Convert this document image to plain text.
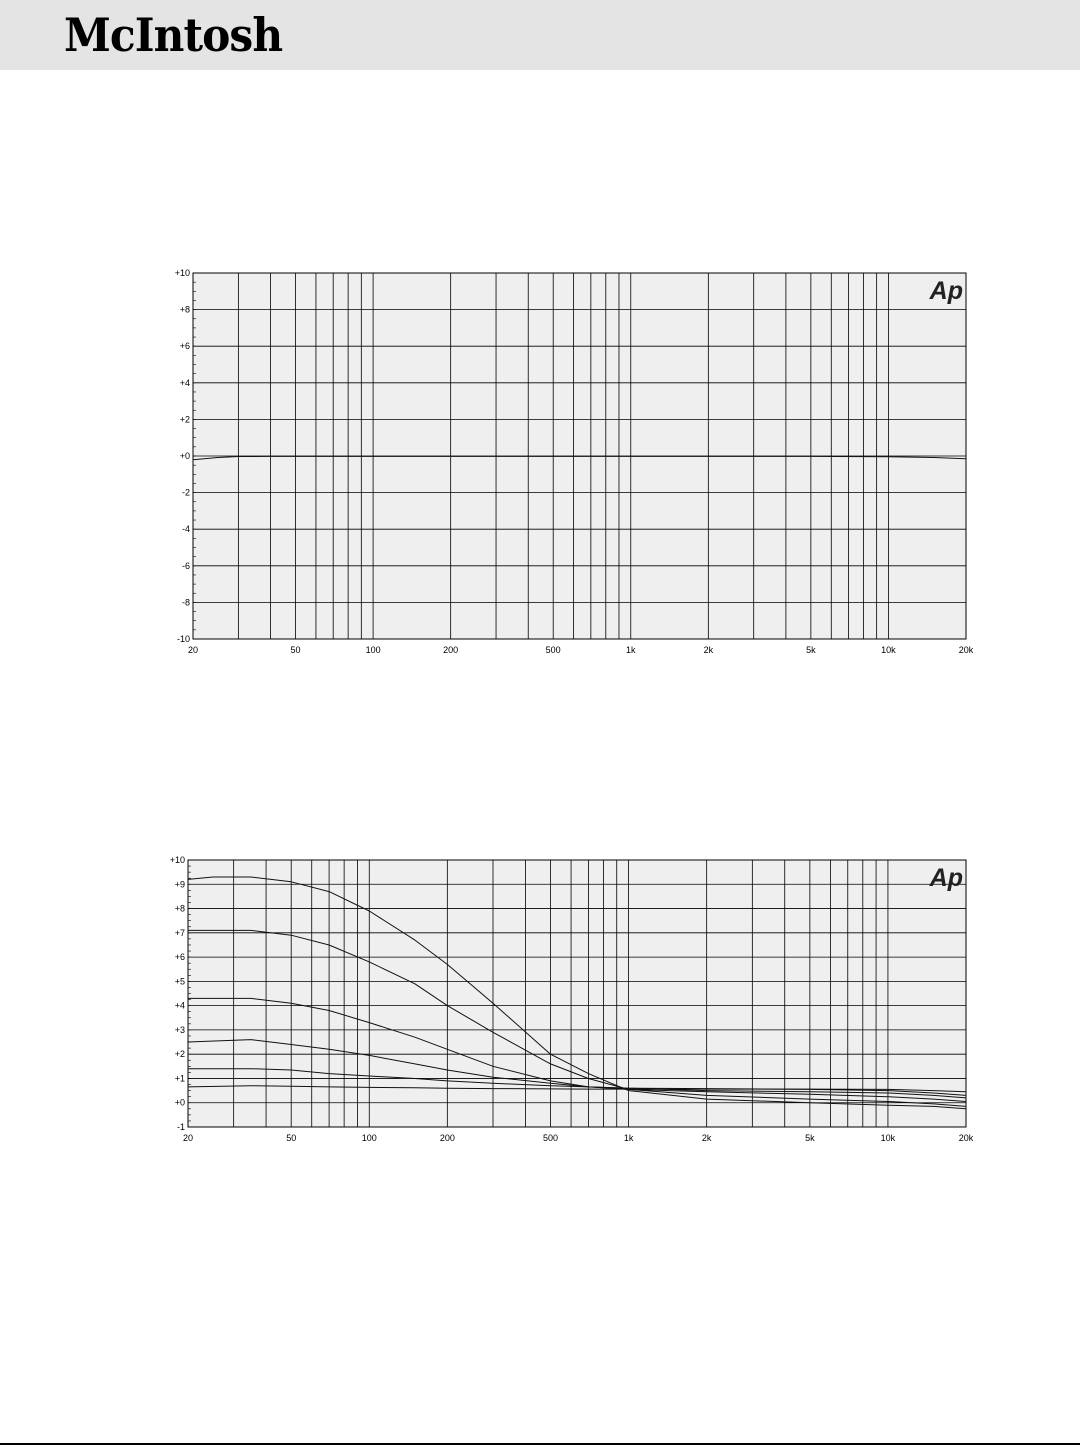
McIntosh
+10
+8
+6
+4
+2
+0
-2
-4
-6
-8
-10
20	50	100	200	500	1k	2k	5k	10k	20k
Ap
+10
+9
+8
+7
+6
+5
+4
+3
+2
+1
+0
-1
20	50	100	200	500	1k	2k	5k	10k	20k
Ap
